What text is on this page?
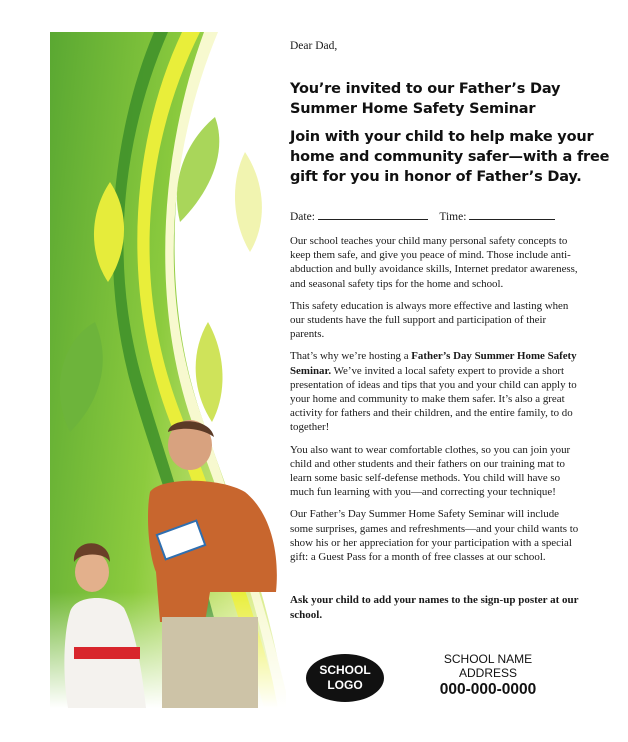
Dear Dad,
You’re invited to our Father’s Day Summer Home Safety Seminar
Join with your child to help make your home and community safer—with a free gift for you in honor of Father’s Day.
Date:	Time:

Our school teaches your child many personal safety concepts to keep them safe, and give you peace of mind. Those include anti-abduction and bully avoidance skills, Internet predator awareness, and seasonal safety tips for the home and school.

This safety education is always more effective and lasting when our students have the full support and participation of their parents.

That’s why we’re hosting a Father’s Day Summer Home Safety Seminar. We’ve invited a local safety expert to provide a short presentation of ideas and tips that you and your child can apply to your home and community to make them safer. It’s also a great activity for fathers and their children, and the entire family, to do together!

You also want to wear comfortable clothes, so you can join your child and other students and their fathers on our training mat to learn some basic self-defense methods. You child will have so much fun learning with you—and correcting your technique!

Our Father’s Day Summer Home Safety Seminar will include some surprises, games and refreshments—and your child wants to show his or her appreciation for your participation with a special gift: a Guest Pass for a month of free classes at our school.

Ask your child to add your names to the sign-up poster at our school.
SCHOOL
LOGO
SCHOOL NAME
ADDRESS
000-000-0000
